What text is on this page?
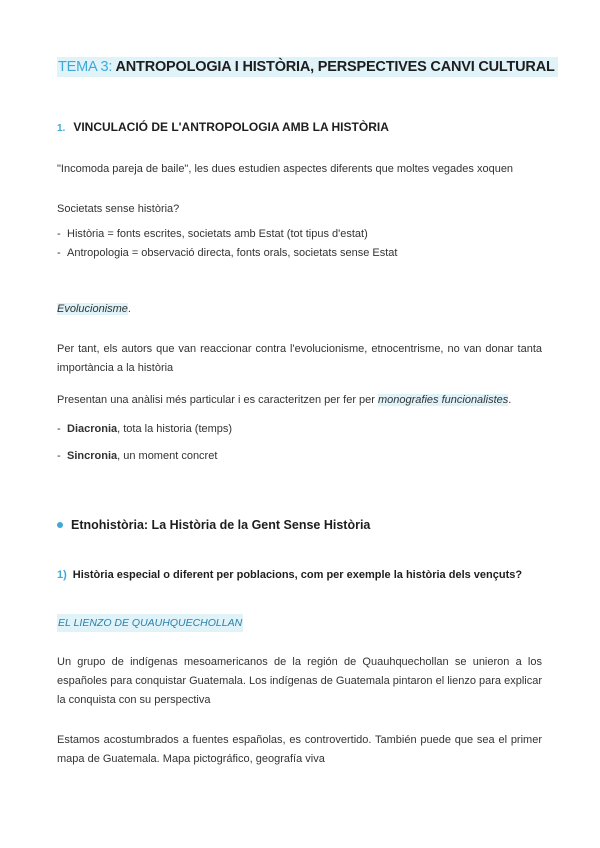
TEMA 3: ANTROPOLOGIA I HISTÒRIA, PERSPECTIVES CANVI CULTURAL
1. VINCULACIÓ DE L'ANTROPOLOGIA AMB LA HISTÒRIA
"Incomoda pareja de baile", les dues estudien aspectes diferents que moltes vegades xoquen
Societats sense història?
- Història = fonts escrites, societats amb Estat (tot tipus d'estat)
- Antropologia = observació directa, fonts orals, societats sense Estat
Evolucionisme.
Per tant, els autors que van reaccionar contra l'evolucionisme, etnocentrisme, no van donar tanta importància a la història
Presentan una anàlisi més particular i es caracteritzen per fer per monografies funcionalistes.
- Diacronia, tota la historia (temps)
- Sincronia, un moment concret
Etnohistòria: La Història de la Gent Sense Història
1) Història especial o diferent per poblacions, com per exemple la història dels vençuts?
EL LIENZO DE QUAUHQUECHOLLAN
Un grupo de indígenas mesoamericanos de la región de Quauhquechollan se unieron a los españoles para conquistar Guatemala. Los indígenas de Guatemala pintaron el lienzo para explicar la conquista con su perspectiva
Estamos acostumbrados a fuentes españolas, es controvertido. También puede que sea el primer mapa de Guatemala. Mapa pictográfico, geografía viva
